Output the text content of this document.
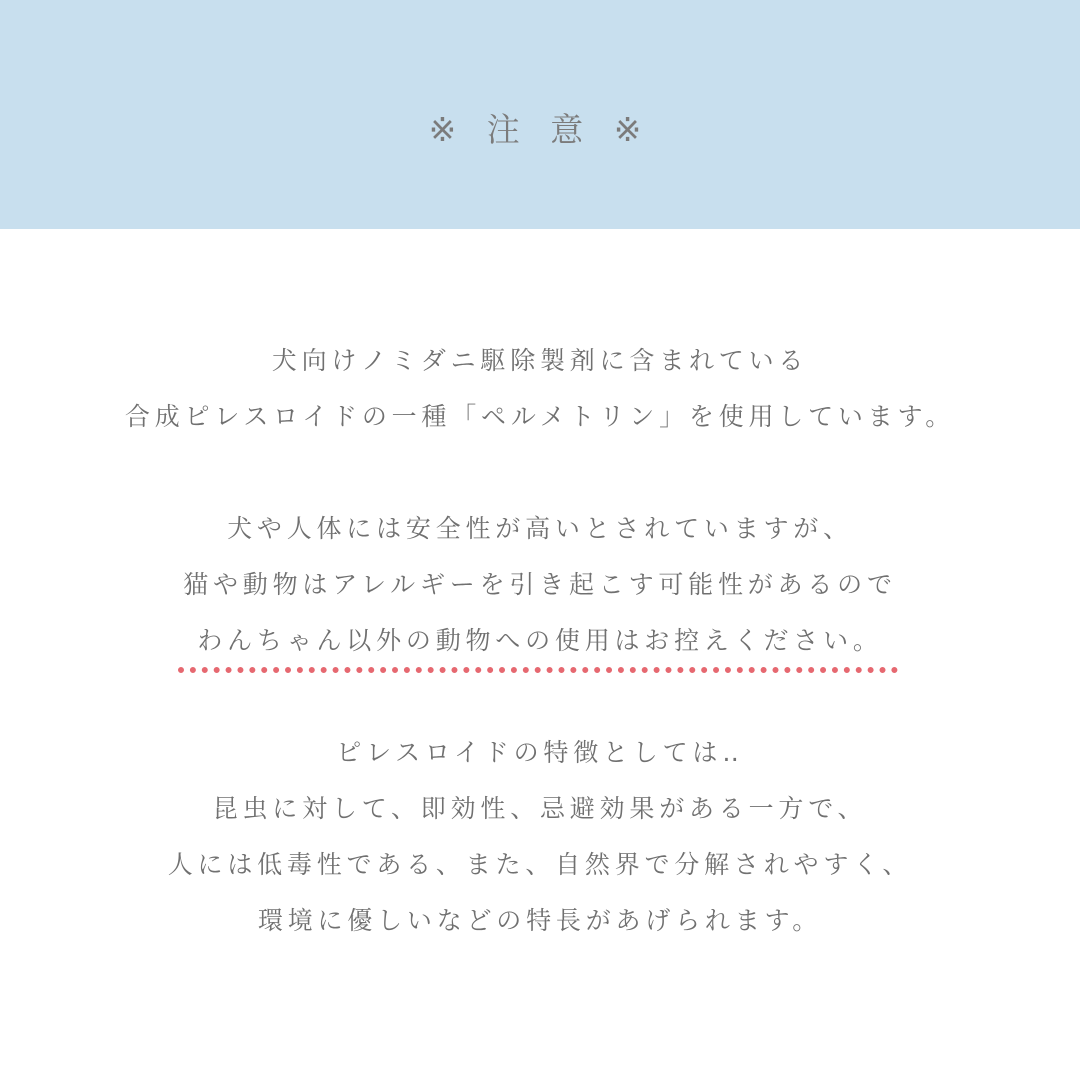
※ 注 意 ※
犬向けノミダニ駆除製剤に含まれている
合成ピレスロイドの一種「ペルメトリン」を使用しています。
犬や人体には安全性が高いとされていますが、
猫や動物はアレルギーを引き起こす可能性があるので
わんちゃん以外の動物への使用はお控えください。
ピレスロイドの特徴としては‥
昆虫に対して、即効性、忌避効果がある一方で、
人には低毒性である、また、自然界で分解されやすく、
環境に優しいなどの特長があげられます。
